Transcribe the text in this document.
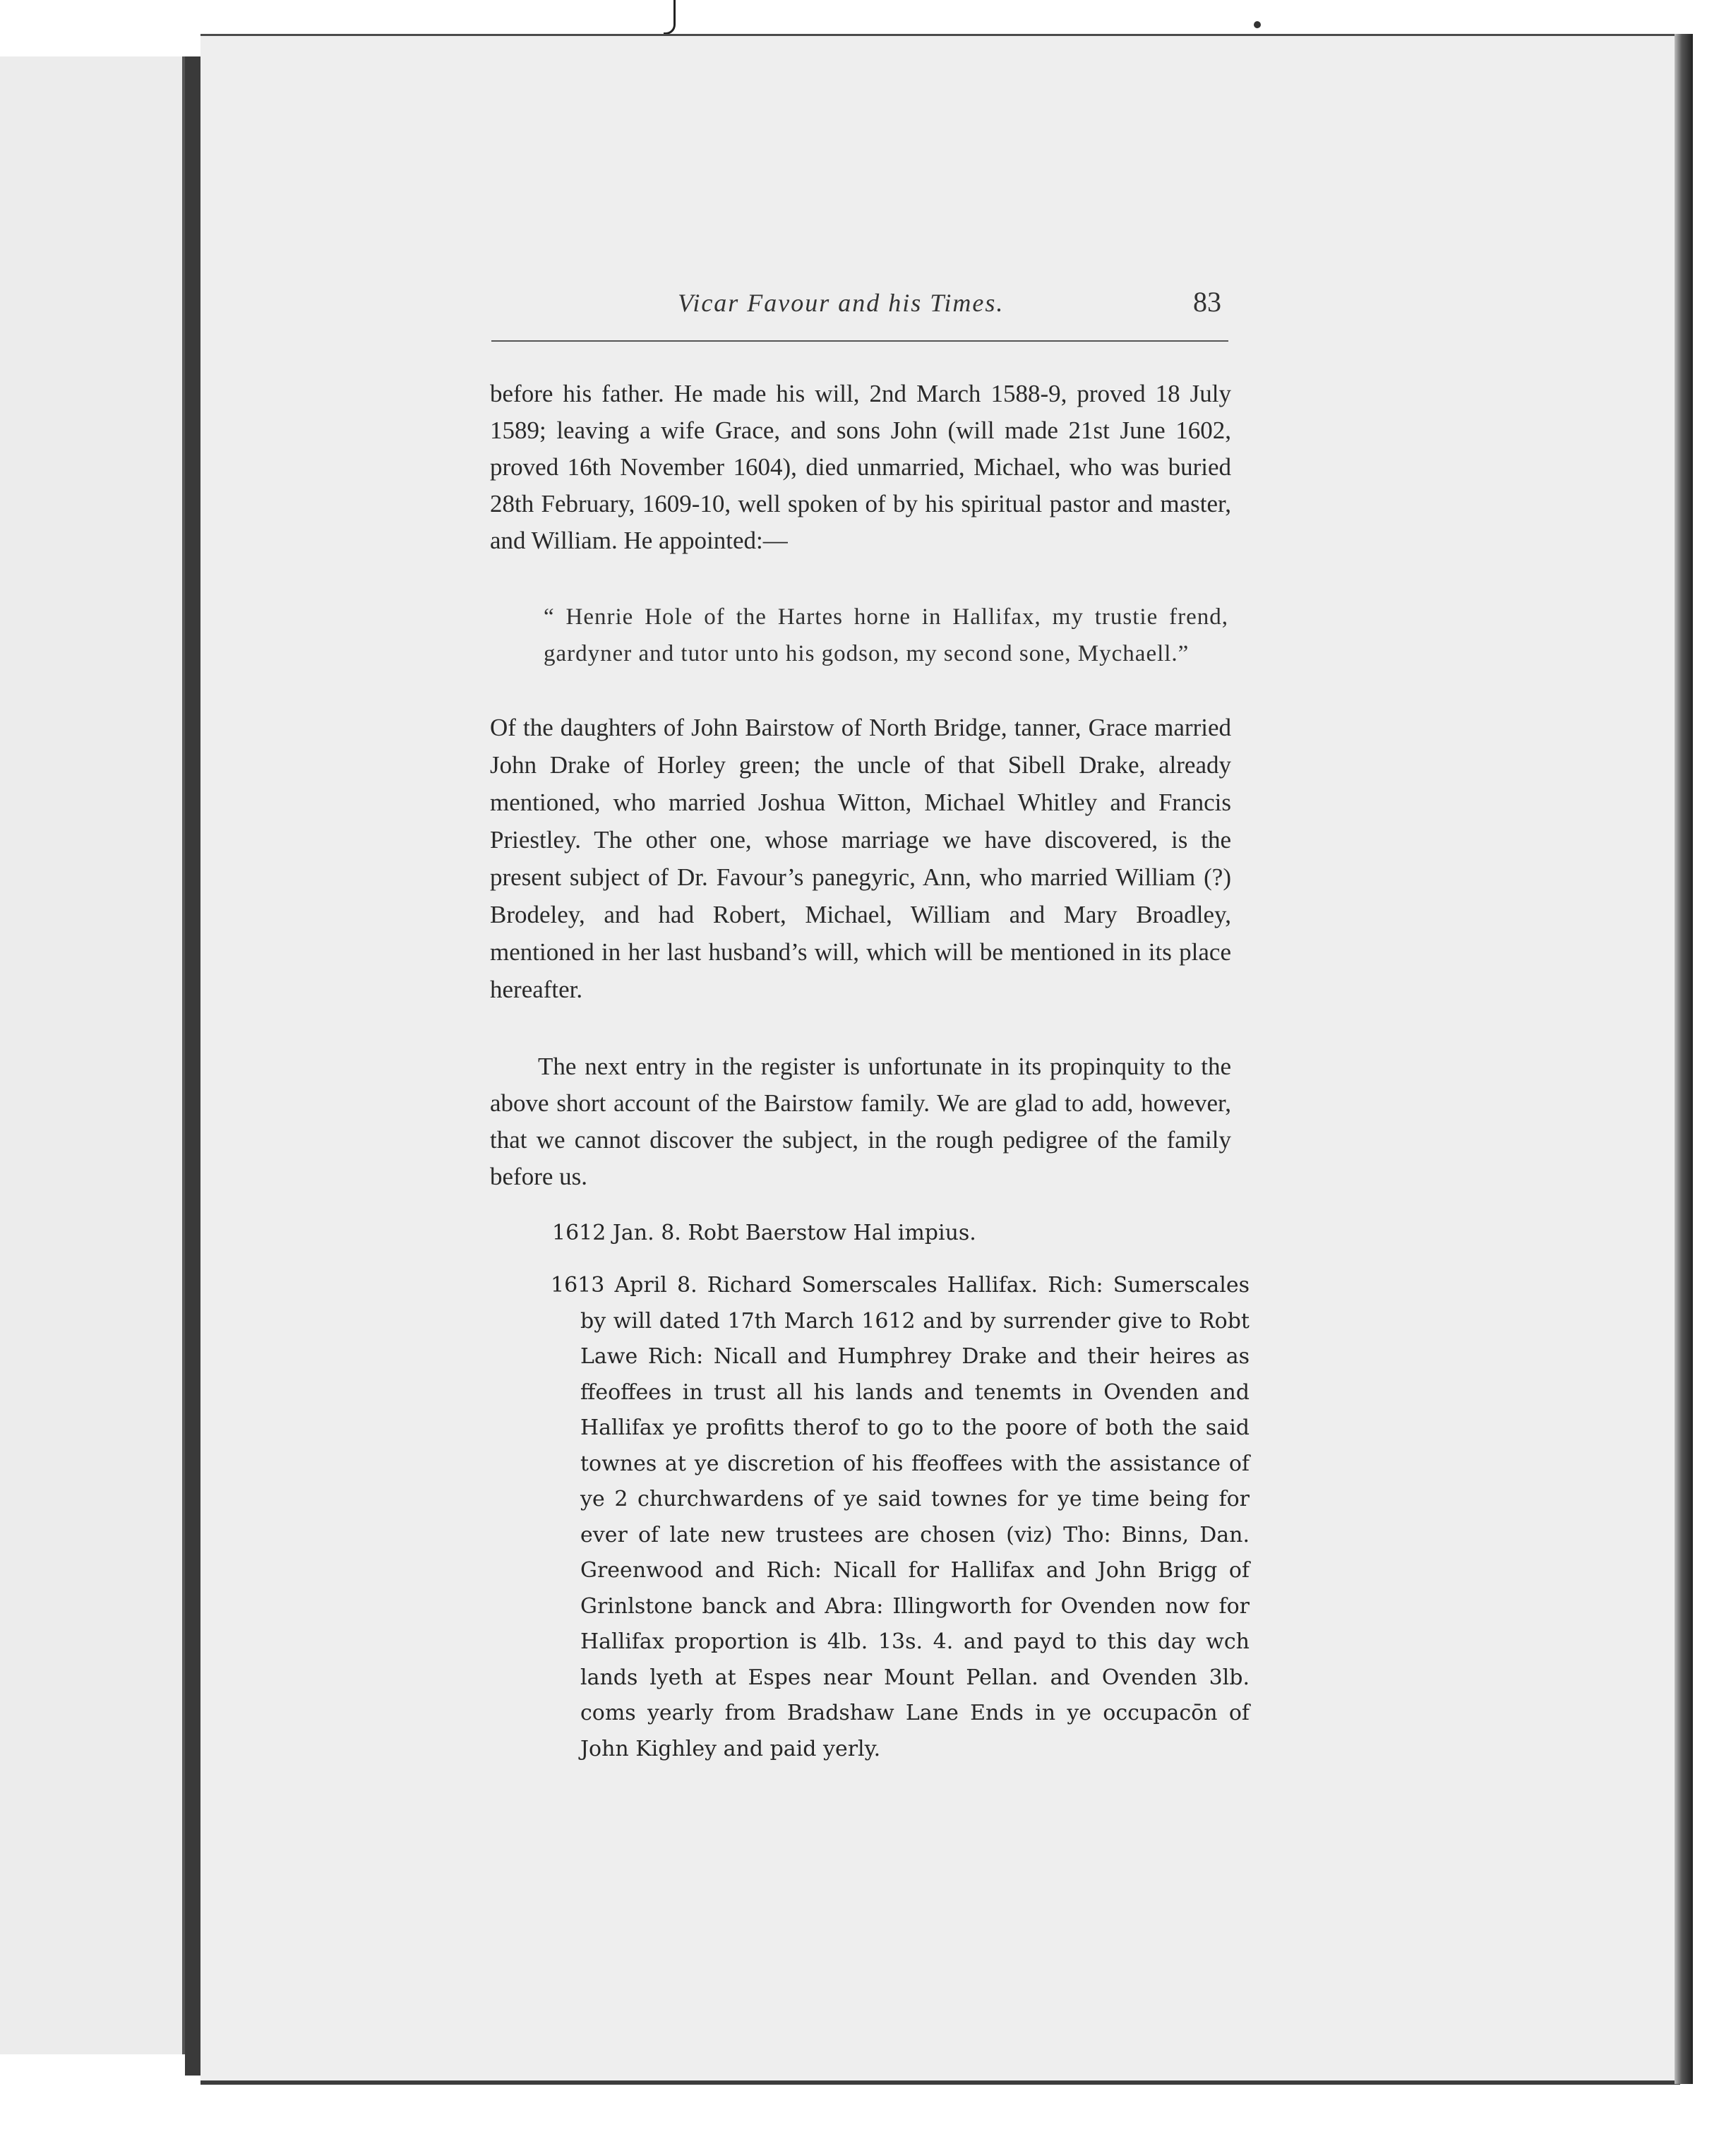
Vicar Favour and his Times.	83
before his father. He made his will, 2nd March 1588-9, proved 18 July 1589; leaving a wife Grace, and sons John (will made 21st June 1602, proved 16th November 1604), died unmarried, Michael, who was buried 28th February, 1609-10, well spoken of by his spiritual pastor and master, and William. He appointed:—
“ Henrie Hole of the Hartes horne in Hallifax, my trustie frend, gardyner and tutor unto his godson, my second sone, Mychaell.”
Of the daughters of John Bairstow of North Bridge, tanner, Grace married John Drake of Horley green; the uncle of that Sibell Drake, already mentioned, who married Joshua Witton, Michael Whitley and Francis Priestley. The other one, whose marriage we have discovered, is the present subject of Dr. Favour’s panegyric, Ann, who married William (?) Brodeley, and had Robert, Michael, William and Mary Broadley, mentioned in her last husband’s will, which will be mentioned in its place hereafter.
The next entry in the register is unfortunate in its propinquity to the above short account of the Bairstow family. We are glad to add, however, that we cannot discover the subject, in the rough pedigree of the family before us.
1612 Jan. 8. Robt Baerstow Hal impius.
1613 April 8. Richard Somerscales Hallifax. Rich: Sumerscales by will dated 17th March 1612 and by surrender give to Robt Lawe Rich: Nicall and Humphrey Drake and their heires as ffeoffees in trust all his lands and tenemts in Ovenden and Hallifax ye profitts therof to go to the poore of both the said townes at ye discretion of his ffeoffees with the assistance of ye 2 churchwardens of ye said townes for ye time being for ever of late new trustees are chosen (viz) Tho: Binns, Dan. Greenwood and Rich: Nicall for Hallifax and John Brigg of Grinlstone banck and Abra: Illingworth for Ovenden now for Hallifax proportion is 4lb. 13s. 4. and payd to this day wch lands lyeth at Espes near Mount Pellan. and Ovenden 3lb. coms yearly from Bradshaw Lane Ends in ye occupacōn of John Kighley and paid yerly.
